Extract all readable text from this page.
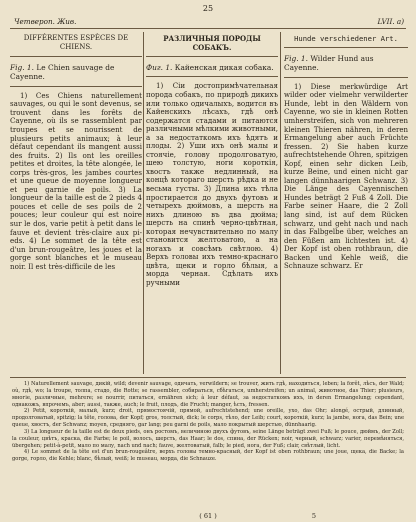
25
Четвероп. Жив.	LVII. a)
DIFFÉRENTES ESPÈCES DE CHIENS.
Fig. 1. Le Chien sauvage de Cayenne.
1) Ces Chiens naturellement sauvages, ou qui le sont devenus, se trouvent dans les forêts de Cayenne, où ils se rassemblent par troupes et se nourissent de plusieurs petits animaux; à leur défaut cependant ils mangent aussi des fruits. 2) Ils ont les oreilles petites et droites, la tête alongée, le corps très-gros, les jambes courtes et une queue de moyenne longueur et peu garnie de poils. 3) La longueur de la taille est de 2 pieds 4 pouces et celle de ses poils de 2 pouces; leur couleur qui est noire sur le dos, varie petit à petit dans le fauve et devient très-claire aux pi-eds. 4) Le sommet de la tête est d'un brun-rougeâtre, les joues et la gorge sont blanches et le museau noir. Il est très-difficile de les
РАЗЛИЧНЫЯ ПОРОДЫ СОБАКЪ.
Фиг. 1. Кайенская дикая собака.
1) Сiи достопримѣчательная порода собакъ, по природѣ дикихъ или только одичалыхъ, водится въ Кайенскихъ лѣсахъ, гдѣ онѣ содержатся стадами и питаются различными мѣлкими животными, а за недостаткомъ ихъ ѣдятъ и плоды. 2) Уши ихъ онѣ малы и стоячiе, голову продолговатую, шею толстую, ноги короткiя, хвостъ также недлинный, на концѣ котораго шерсть рѣдка и не весьма густы. 3) Длина ихъ тѣла простирается до двухъ футовъ и четырехъ дюймовъ, а шерсть на нихъ длиною въ два дюйма; шерсть на спинѣ черно-цвѣтная, которая нечувствительно по малу становится желтоватою, а на ногахъ и совсѣмъ свѣтлою. 4) Верхъ головы ихъ темно-краснаго цвѣта, щеки и горло бѣлыя, а морда черная. Сдѣлать ихъ ручными
Hunde verschiedener Art.
Fig. 1. Wilder Hund aus Cayenne.
1) Diese merkwürdige Art wilder oder vielmehr verwilderter Hunde, lebt in den Wäldern von Cayenne, wo sie in kleinen Rotten umherstreifen, sich von mehreren kleinen Thieren nähren, in deren Ermangelung aber auch Früchte fressen. 2) Sie haben kurze aufrechtstehende Ohren, spitzigen Kopf, einen sehr dicken Leib, kurze Beine, und einen nicht gar langen dünnhaarigen Schwanz. 3) Die Länge des Cayennischen Hundes beträgt 2 Fuß 4 Zoll. Die Farbe seiner Haare, die 2 Zoll lang sind, ist auf dem Rücken schwarz, und geht nach und nach in das Falbgelbe über, welches an den Füßen am lichtesten ist. 4) Der Kopf ist oben rothbraun, die Backen und Kehle weiß, die Schnauze schwarz. Er

1) Naturellement sauvage, дикiй, wild; devenir sauvage, одичать, verwildern; se trouver, жить гдѣ, находиться, leben; la forêt, лѣсъ, der Wald; où, гдѣ, wo; la troupe, толпа, стадо, die Rotte; se rassembler, собираться, сбѣгаться, umherstreifen; un animal, животное, das Thier; plusieurs, многiе, различные, mehrere; se nourrir, питаться, ernähren sich; à leur défaut, за недостаткомъ ихъ, in deren Ermangelung; cependant, однакожъ, впрочемъ, aber; aussi, также, auch; le fruit, плодъ, die Frucht; manger, ѣсть, fressen.

2) Petit, короткiй, малый, kurz; droit, прямостоячiй, прямой, aufrechtstehend; une oreille, ухо, das Ohr; alongé, острый, длинный, продолговатый, spitzig; la tête, голова, der Kopf; gros, толстый, dick; le corps, тѣло, der Leib; court, короткiй, kurz; la jambe, нога, das Bein; une queue, хвостъ, der Schwanz; moyen, средняго, gar lang; peu garni de poils, мало покрытый шерстью, dünnhaarig.

3) La longueur de la taille est de deux pieds, онъ ростомъ, величиною двухъ футовъ, seine Länge beträgt zwei Fuß; le pouce, дюймъ, der Zoll; la couleur, цвѣтъ, краска, die Farbe; le poil, волосъ, шерсть, das Haar; le dos, спина, der Rücken; noir, черный, schwarz; varier, перемѣняться, übergehen; petit-à-petit, мало по малу, nach und nach; fauve, желтоватый, falb; le pied, нога, der Fuß; clair, свѣтлый, licht.

4) Le sommet de la tête est d'un brun-rougeâtre, верхъ головы темно-красный, der Kopf ist oben rothbraun; une joue, щека, die Backe; la gorge, горло, die Kehle; blanc, бѣлый, weiß; le museau, морда, die Schnauze.

( 61 )	5
